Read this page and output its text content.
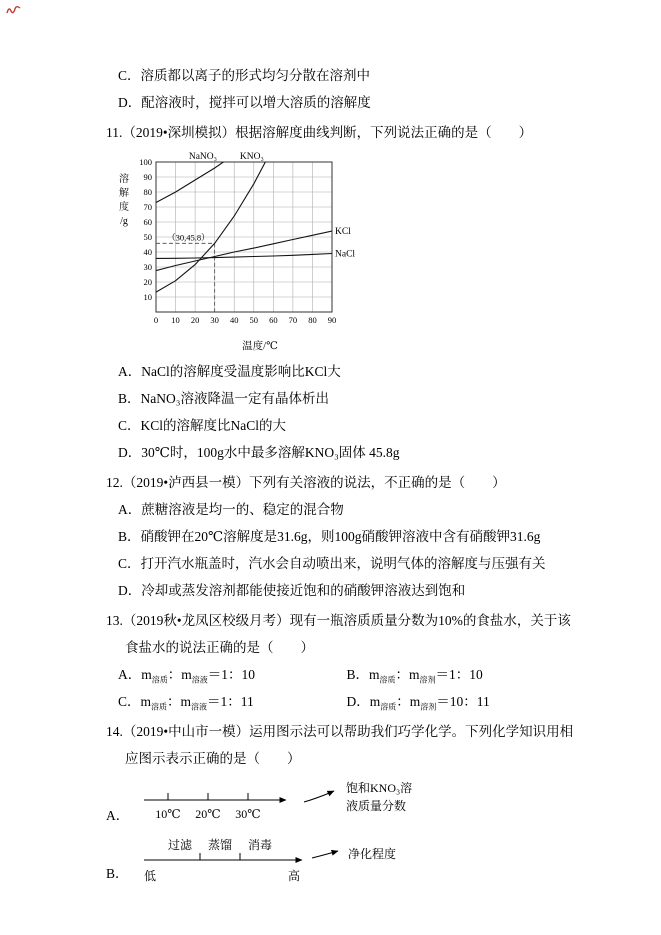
C．溶质都以离子的形式均匀分散在溶剂中
D．配溶液时，搅拌可以增大溶质的溶解度
11.（2019•深圳模拟）根据溶解度曲线判断，下列说法正确的是（　　）
0 10 20 30 40 50 60 70 80 90
10
20
30
40
50
60
70
80
90
100
溶
解
度
/g
温度/℃
（30,45.8）
NaNO₃ KNO₃
KCl
NaCl
A．NaCl的溶解度受温度影响比KCl大
B．NaNO₃溶液降温一定有晶体析出
C．KCl的溶解度比NaCl的大
D．30℃时，100g水中最多溶解KNO₃固体 45.8g
12.（2019•泸西县一模）下列有关溶液的说法，不正确的是（　　）
A．蔗糖溶液是均一的、稳定的混合物
B．硝酸钾在20℃溶解度是31.6g，则100g硝酸钾溶液中含有硝酸钾31.6g
C．打开汽水瓶盖时，汽水会自动喷出来，说明气体的溶解度与压强有关
D．冷却或蒸发溶剂都能使接近饱和的硝酸钾溶液达到饱和
13.（2019秋•龙凤区校级月考）现有一瓶溶质质量分数为10%的食盐水，关于该食盐水的说法正确的是（　　）
A．$m_{溶质}$：$m_{溶液}=1$：10	B．$m_{溶质}$：$m_{溶剂}=1$：10
C．$m_{溶质}$：$m_{溶液}=1$：11	D．$m_{溶质}$：$m_{溶剂}=10$：11
14.（2019•中山市一模）运用图示法可以帮助我们巧学化学。下列化学知识用相应图示表示正确的是（　　）
A．	10℃ 20℃ 30℃
饱和KNO₃溶
液质量分数
B．
过滤 蒸馏 消毒
低	高
净化程度
